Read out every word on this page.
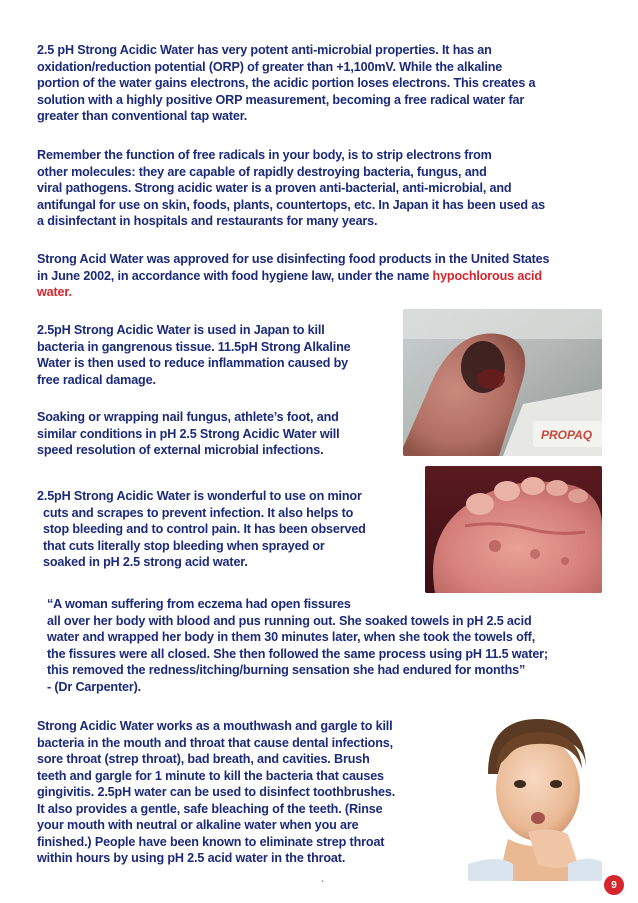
2.5 pH Strong Acidic Water has very potent anti-microbial properties. It has an
oxidation/reduction potential (ORP) of greater than +1,100mV. While the alkaline
portion of the water gains electrons, the acidic portion loses electrons. This creates a
solution with a highly positive ORP measurement, becoming a free radical water far
greater than conventional tap water.
Remember the function of free radicals in your body, is to strip electrons from
other molecules: they are capable of rapidly destroying bacteria, fungus, and
viral pathogens. Strong acidic water is a proven anti-bacterial, anti-microbial, and
antifungal for use on skin, foods, plants, countertops, etc. In Japan it has been used as
a disinfectant in hospitals and restaurants for many years.
Strong Acid Water was approved for use disinfecting food products in the United States
in June 2002, in accordance with food hygiene law, under the name hypochlorous acid
water.
2.5pH Strong Acidic Water is used in Japan to kill
bacteria in gangrenous tissue. 11.5pH Strong Alkaline
Water is then used to reduce inflammation caused by
free radical damage.
Soaking or wrapping nail fungus, athlete’s foot, and
similar conditions in pH 2.5 Strong Acidic Water will
speed resolution of external microbial infections.
2.5pH Strong Acidic Water is wonderful to use on minor
cuts and scrapes to prevent infection. It also helps to
stop bleeding and to control pain. It has been observed
that cuts literally stop bleeding when sprayed or
soaked in pH 2.5 strong acid water.
“A woman suffering from eczema had open fissures
all over her body with blood and pus running out. She soaked towels in pH 2.5 acid
water and wrapped her body in them 30 minutes later, when she took the towels off,
the fissures were all closed. She then followed the same process using pH 11.5 water;
this removed the redness/itching/burning sensation she had endured for months”
- (Dr Carpenter).
Strong Acidic Water works as a mouthwash and gargle to kill
bacteria in the mouth and throat that cause dental infections,
sore throat (strep throat), bad breath, and cavities. Brush
teeth and gargle for 1 minute to kill the bacteria that causes
gingivitis. 2.5pH water can be used to disinfect toothbrushes.
It also provides a gentle, safe bleaching of the teeth. (Rinse
your mouth with neutral or alkaline water when you are
finished.) People have been known to eliminate strep throat
within hours by using pH 2.5 acid water in the throat.
PROPAQ
`	9
